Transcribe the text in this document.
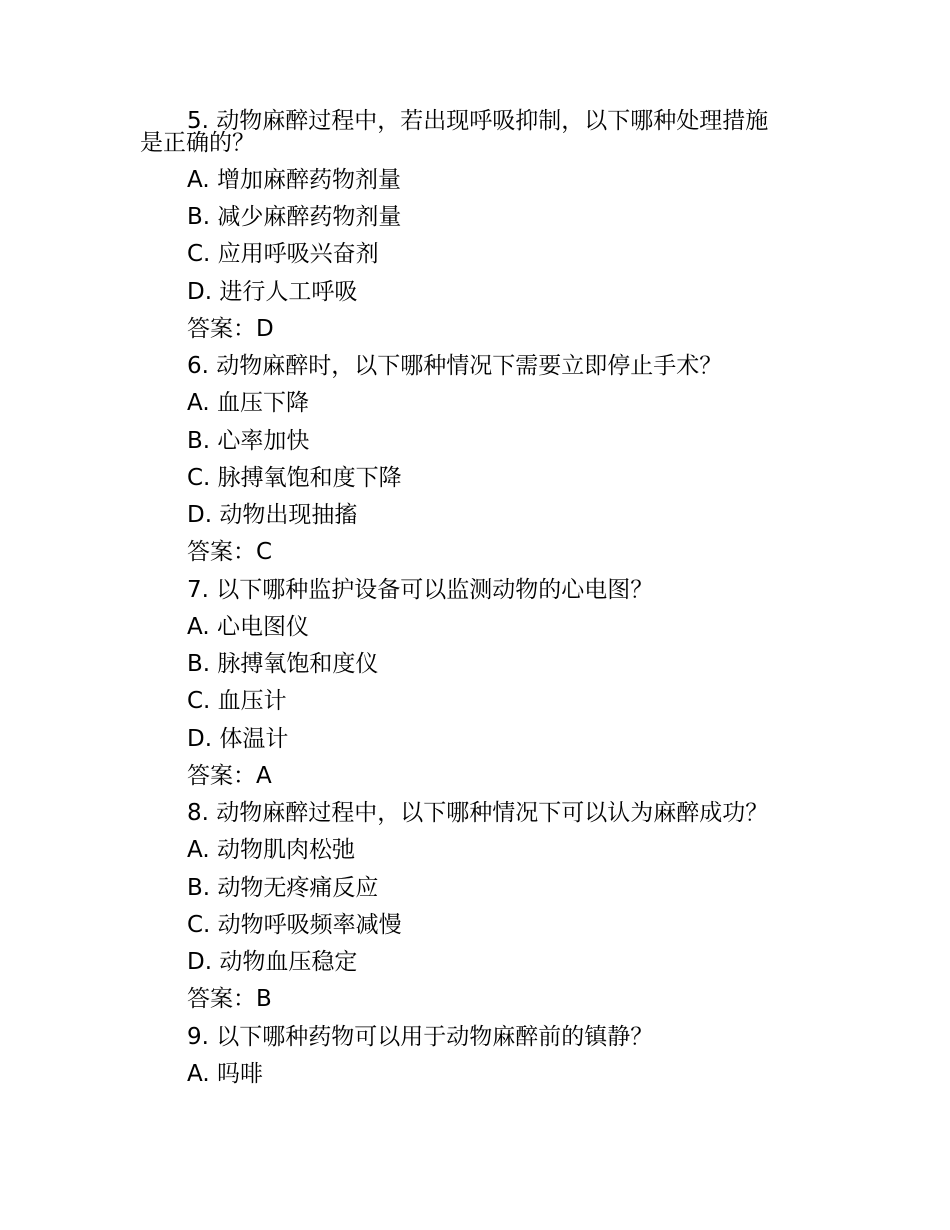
5. 动物麻醉过程中，若出现呼吸抑制，以下哪种处理措施
是正确的？
A. 增加麻醉药物剂量
B. 减少麻醉药物剂量
C. 应用呼吸兴奋剂
D. 进行人工呼吸
答案：D
6. 动物麻醉时，以下哪种情况下需要立即停止手术？
A. 血压下降
B. 心率加快
C. 脉搏氧饱和度下降
D. 动物出现抽搐
答案：C
7. 以下哪种监护设备可以监测动物的心电图？
A. 心电图仪
B. 脉搏氧饱和度仪
C. 血压计
D. 体温计
答案：A
8. 动物麻醉过程中，以下哪种情况下可以认为麻醉成功？
A. 动物肌肉松弛
B. 动物无疼痛反应
C. 动物呼吸频率减慢
D. 动物血压稳定
答案：B
9. 以下哪种药物可以用于动物麻醉前的镇静？
A. 吗啡
